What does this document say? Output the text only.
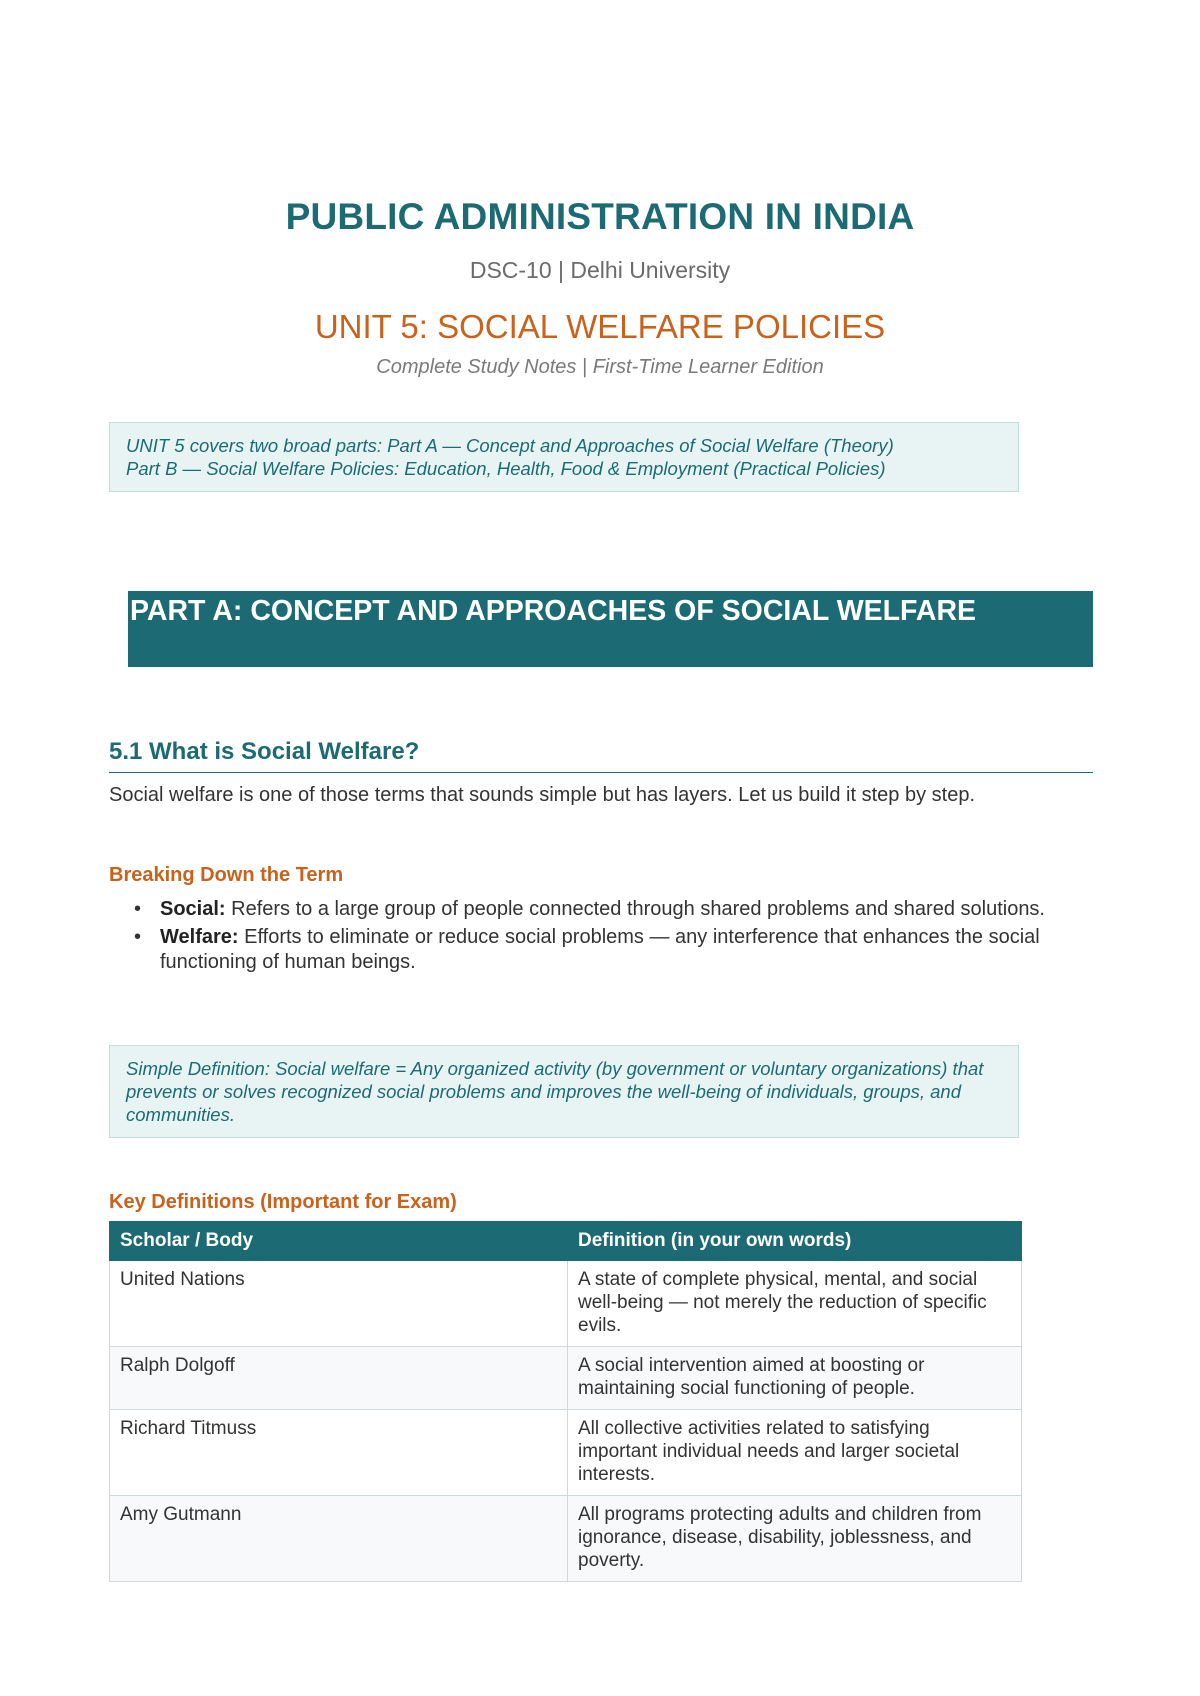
PUBLIC ADMINISTRATION IN INDIA
DSC-10 | Delhi University
UNIT 5: SOCIAL WELFARE POLICIES
Complete Study Notes | First-Time Learner Edition
UNIT 5 covers two broad parts: Part A — Concept and Approaches of Social Welfare (Theory)
Part B — Social Welfare Policies: Education, Health, Food & Employment (Practical Policies)
PART A: CONCEPT AND APPROACHES OF SOCIAL WELFARE
5.1 What is Social Welfare?
Social welfare is one of those terms that sounds simple but has layers. Let us build it step by step.
Breaking Down the Term
• Social: Refers to a large group of people connected through shared problems and shared solutions.
• Welfare: Efforts to eliminate or reduce social problems — any interference that enhances the social functioning of human beings.
Simple Definition: Social welfare = Any organized activity (by government or voluntary organizations) that prevents or solves recognized social problems and improves the well-being of individuals, groups, and communities.
Key Definitions (Important for Exam)
Scholar / Body	Definition (in your own words)
United Nations	A state of complete physical, mental, and social well-being — not merely the reduction of specific evils.
Ralph Dolgoff	A social intervention aimed at boosting or maintaining social functioning of people.
Richard Titmuss	All collective activities related to satisfying important individual needs and larger societal interests.
Amy Gutmann	All programs protecting adults and children from ignorance, disease, disability, joblessness, and poverty.
